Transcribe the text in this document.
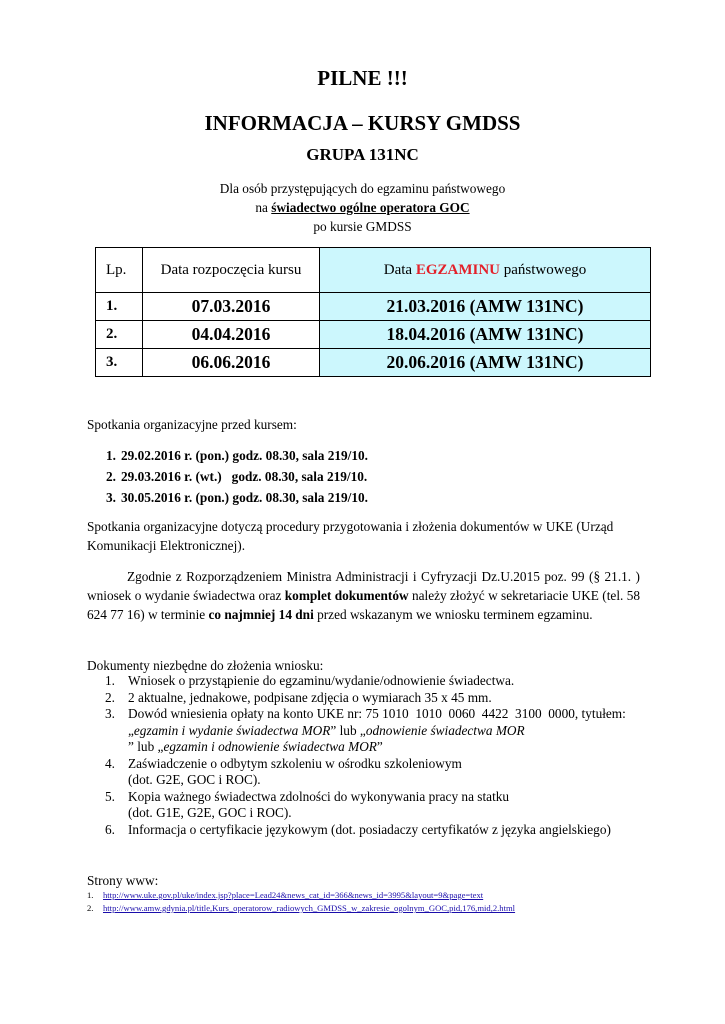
PILNE !!!
INFORMACJA – KURSY GMDSS
GRUPA 131NC
Dla osób przystępujących do egzaminu państwowego
na świadectwo ogólne operatora GOC
po kursie GMDSS
Lp.	Data rozpoczęcia kursu	Data EGZAMINU państwowego
1.	07.03.2016	21.03.2016 (AMW 131NC)
2.	04.04.2016	18.04.2016 (AMW 131NC)
3.	06.06.2016	20.06.2016 (AMW 131NC)
Spotkania organizacyjne przed kursem:
1. 29.02.2016 r. (pon.) godz. 08.30, sala 219/10.
2. 29.03.2016 r. (wt.)   godz. 08.30, sala 219/10.
3. 30.05.2016 r. (pon.) godz. 08.30, sala 219/10.
Spotkania organizacyjne dotyczą procedury przygotowania i złożenia dokumentów w UKE (Urząd Komunikacji Elektronicznej).
Zgodnie z Rozporządzeniem Ministra Administracji i Cyfryzacji Dz.U.2015 poz. 99 (§ 21.1. ) wniosek o wydanie świadectwa oraz komplet dokumentów należy złożyć w sekretariacie UKE (tel. 58 624 77 16) w terminie co najmniej 14 dni przed wskazanym we wniosku terminem egzaminu.
Dokumenty niezbędne do złożenia wniosku:
1. Wniosek o przystąpienie do egzaminu/wydanie/odnowienie świadectwa.
2. 2 aktualne, jednakowe, podpisane zdjęcia o wymiarach 35 x 45 mm.
3. Dowód wniesienia opłaty na konto UKE nr: 75 1010  1010  0060  4422  3100  0000, tytułem: „egzamin i wydanie świadectwa MOR” lub „odnowienie świadectwa MOR
” lub „egzamin i odnowienie świadectwa MOR”
4. Zaświadczenie o odbytym szkoleniu w ośrodku szkoleniowym
(dot. G2E, GOC i ROC).
5. Kopia ważnego świadectwa zdolności do wykonywania pracy na statku
(dot. G1E, G2E, GOC i ROC).
6. Informacja o certyfikacie językowym (dot. posiadaczy certyfikatów z języka angielskiego)
Strony www:
1. http://www.uke.gov.pl/uke/index.jsp?place=Lead24&news_cat_id=366&news_id=3995&layout=9&page=text
2. http://www.amw.gdynia.pl/title,Kurs_operatorow_radiowych_GMDSS_w_zakresie_ogolnym_GOC,pid,176,mid,2.html
